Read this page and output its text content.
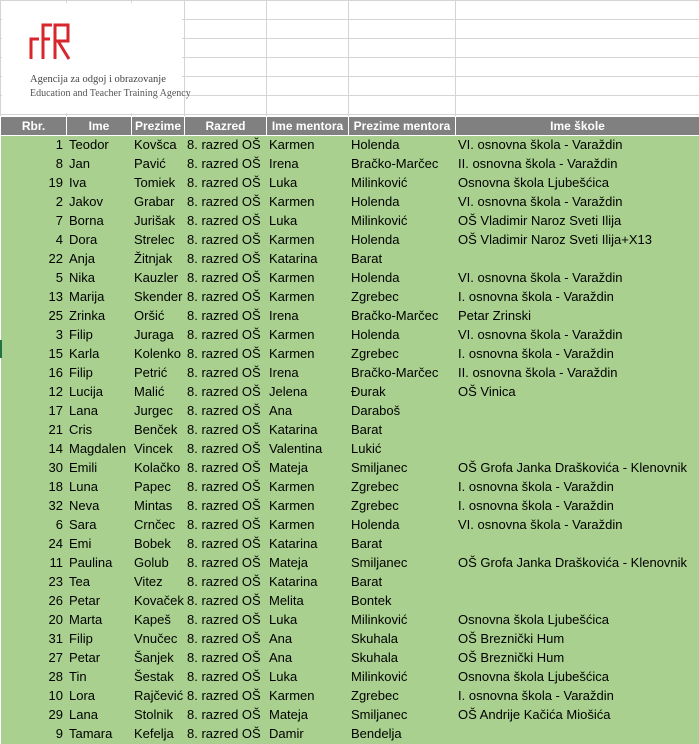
Agencija za odgoj i obrazovanje
Education and Teacher Training Agency
Rbr.	Ime	Prezime	Razred	Ime mentora	Prezime mentora	Ime škole
1	Teodor	Kovšca	8. razred OŠ	Karmen	Holenda	VI. osnovna škola - Varaždin
8	Jan	Pavić	8. razred OŠ	Irena	Bračko-Marčec	II. osnovna škola - Varaždin
19	Iva	Tomiek	8. razred OŠ	Luka	Milinković	Osnovna škola Ljubešćica
2	Jakov	Grabar	8. razred OŠ	Karmen	Holenda	VI. osnovna škola - Varaždin
7	Borna	Jurišak	8. razred OŠ	Luka	Milinković	OŠ Vladimir Naroz Sveti Ilija
4	Dora	Strelec	8. razred OŠ	Karmen	Holenda	OŠ Vladimir Naroz Sveti Ilija+X13
22	Anja	Žitnjak	8. razred OŠ	Katarina	Barat	
5	Nika	Kauzler	8. razred OŠ	Karmen	Holenda	VI. osnovna škola - Varaždin
13	Marija	Skender	8. razred OŠ	Karmen	Zgrebec	I. osnovna škola - Varaždin
25	Zrinka	Oršić	8. razred OŠ	Irena	Bračko-Marčec	Petar Zrinski
3	Filip	Juraga	8. razred OŠ	Karmen	Holenda	VI. osnovna škola - Varaždin
15	Karla	Kolenko	8. razred OŠ	Karmen	Zgrebec	I. osnovna škola - Varaždin
16	Filip	Petrić	8. razred OŠ	Irena	Bračko-Marčec	II. osnovna škola - Varaždin
12	Lucija	Malić	8. razred OŠ	Jelena	Đurak	OŠ Vinica
17	Lana	Jurgec	8. razred OŠ	Ana	Daraboš	
21	Cris	Benček	8. razred OŠ	Katarina	Barat	
14	Magdalen	Vincek	8. razred OŠ	Valentina	Lukić	
30	Emili	Kolačko	8. razred OŠ	Mateja	Smiljanec	OŠ Grofa Janka Draškovića - Klenovnik
18	Luna	Papec	8. razred OŠ	Karmen	Zgrebec	I. osnovna škola - Varaždin
32	Neva	Mintas	8. razred OŠ	Karmen	Zgrebec	I. osnovna škola - Varaždin
6	Sara	Crnčec	8. razred OŠ	Karmen	Holenda	VI. osnovna škola - Varaždin
24	Emi	Bobek	8. razred OŠ	Katarina	Barat	
11	Paulina	Golub	8. razred OŠ	Mateja	Smiljanec	OŠ Grofa Janka Draškovića - Klenovnik
23	Tea	Vitez	8. razred OŠ	Katarina	Barat	
26	Petar	Kovaček	8. razred OŠ	Melita	Bontek	
20	Marta	Kapeš	8. razred OŠ	Luka	Milinković	Osnovna škola Ljubešćica
31	Filip	Vnučec	8. razred OŠ	Ana	Skuhala	OŠ Breznički Hum
27	Petar	Šanjek	8. razred OŠ	Ana	Skuhala	OŠ Breznički Hum
28	Tin	Šestak	8. razred OŠ	Luka	Milinković	Osnovna škola Ljubešćica
10	Lora	Rajčević	8. razred OŠ	Karmen	Zgrebec	I. osnovna škola - Varaždin
29	Lana	Stolnik	8. razred OŠ	Mateja	Smiljanec	OŠ Andrije Kačića Miošića
9	Tamara	Kefelja	8. razred OŠ	Damir	Bendelja	
